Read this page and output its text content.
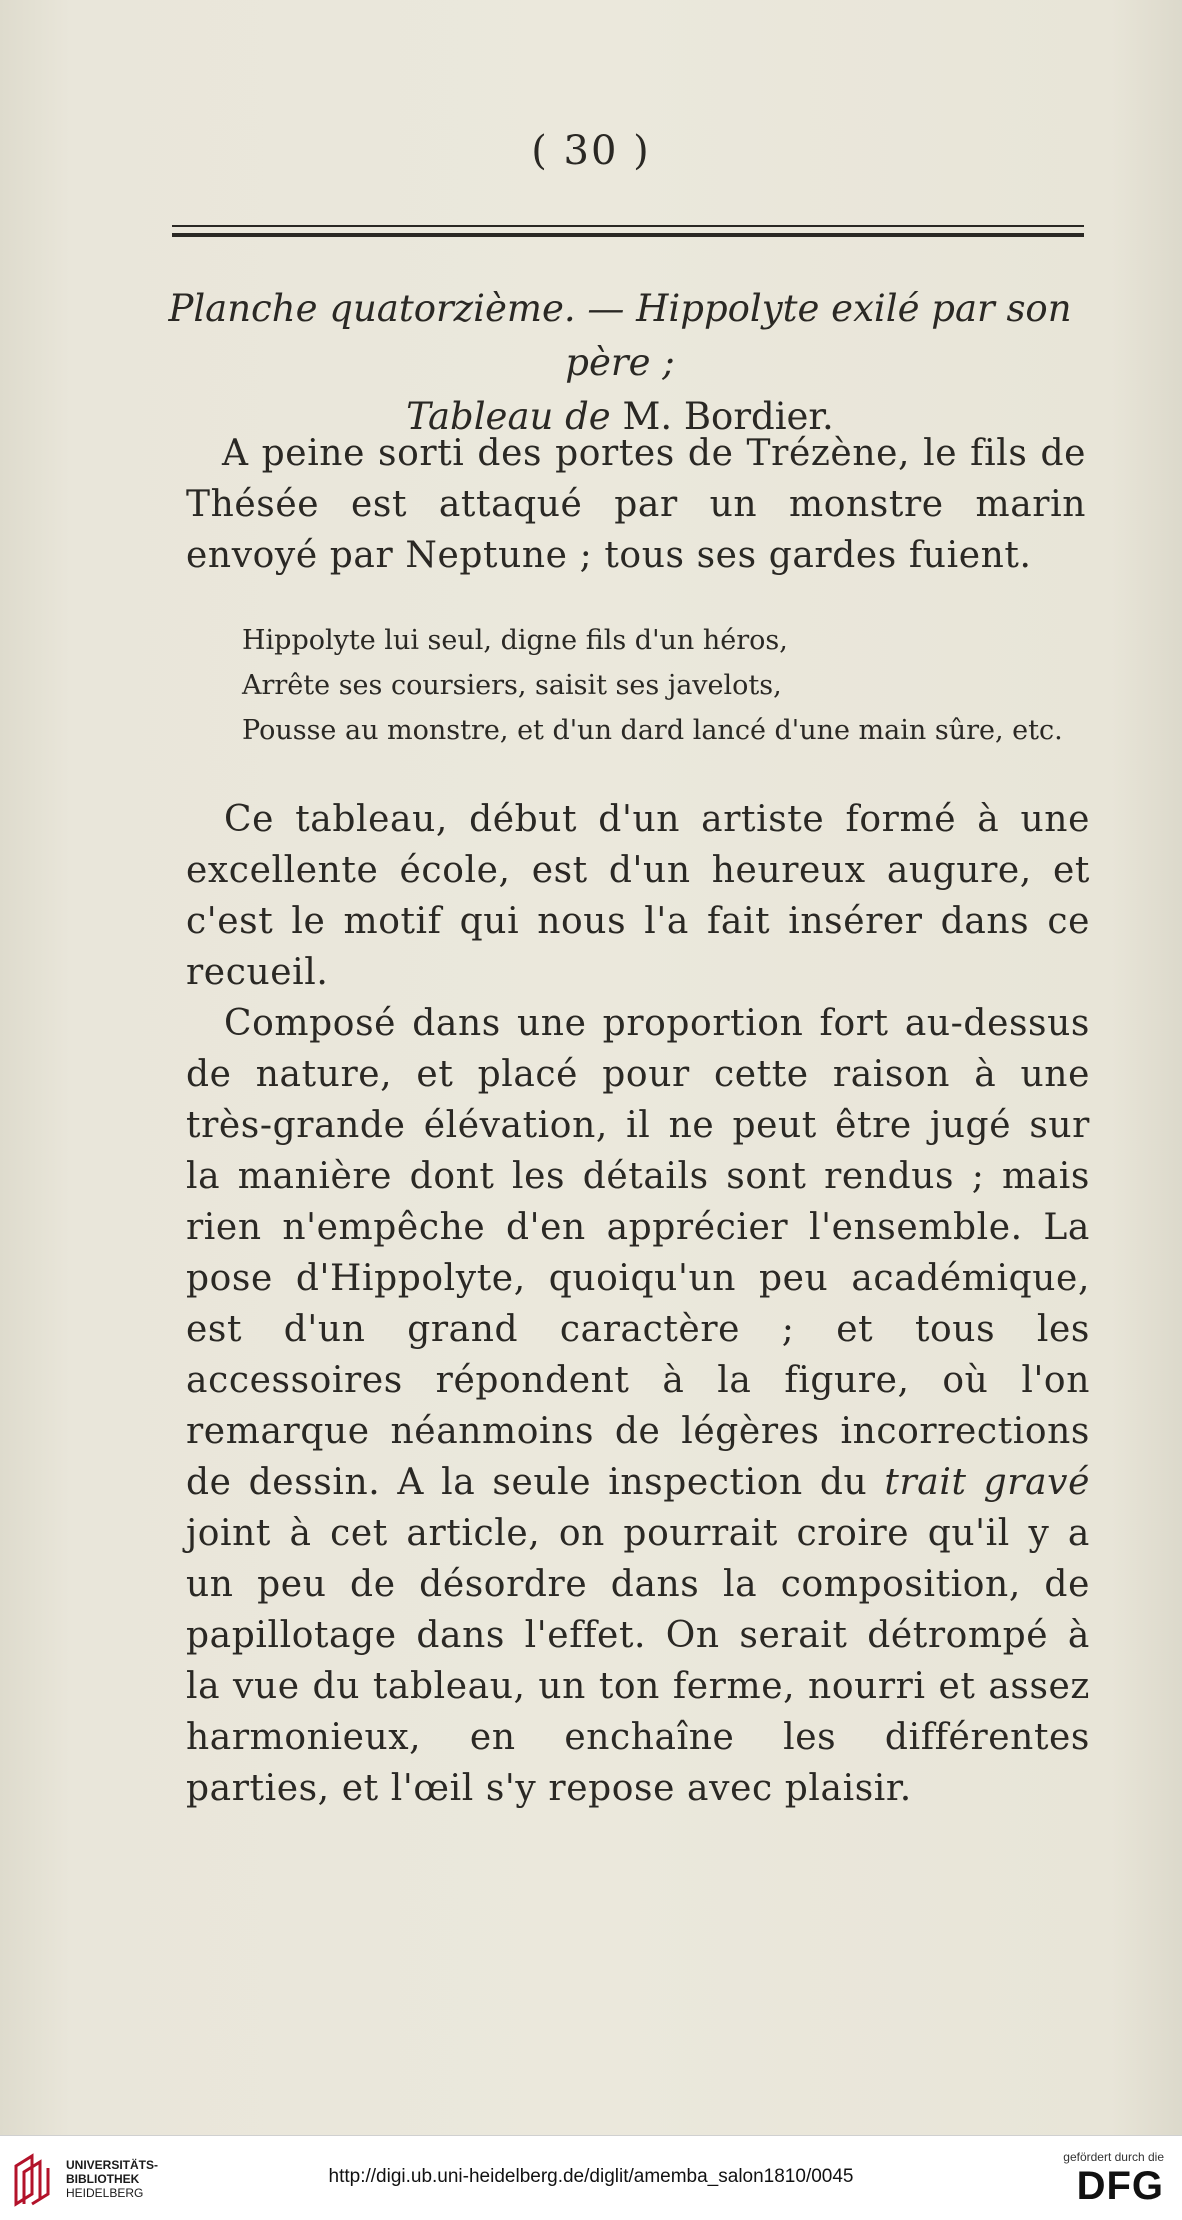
( 30 )
Planche quatorzième. — Hippolyte exilé par son père ;
Tableau de M. Bordier.
A peine sorti des portes de Trézène, le fils de Thésée est attaqué par un monstre marin envoyé par Neptune ; tous ses gardes fuient.
Hippolyte lui seul, digne fils d'un héros,
Arrête ses coursiers, saisit ses javelots,
Pousse au monstre, et d'un dard lancé d'une main sûre, etc.

Ce tableau, début d'un artiste formé à une excellente école, est d'un heureux augure, et c'est le motif qui nous l'a fait insérer dans ce recueil.

Composé dans une proportion fort au-dessus de nature, et placé pour cette raison à une très-grande élévation, il ne peut être jugé sur la manière dont les détails sont rendus ; mais rien n'empêche d'en apprécier l'ensemble. La pose d'Hippolyte, quoiqu'un peu académique, est d'un grand caractère ; et tous les accessoires répondent à la figure, où l'on remarque néanmoins de légères incorrections de dessin. A la seule inspection du trait gravé joint à cet article, on pourrait croire qu'il y a un peu de désordre dans la composition, de papillotage dans l'effet. On serait détrompé à la vue du tableau, un ton ferme, nourri et assez harmonieux, en enchaîne les différentes parties, et l'œil s'y repose avec plaisir.

UNIVERSITÄTS-
BIBLIOTHEK
HEIDELBERG
http://digi.ub.uni-heidelberg.de/diglit/amemba_salon1810/0045
gefördert durch die
DFG
